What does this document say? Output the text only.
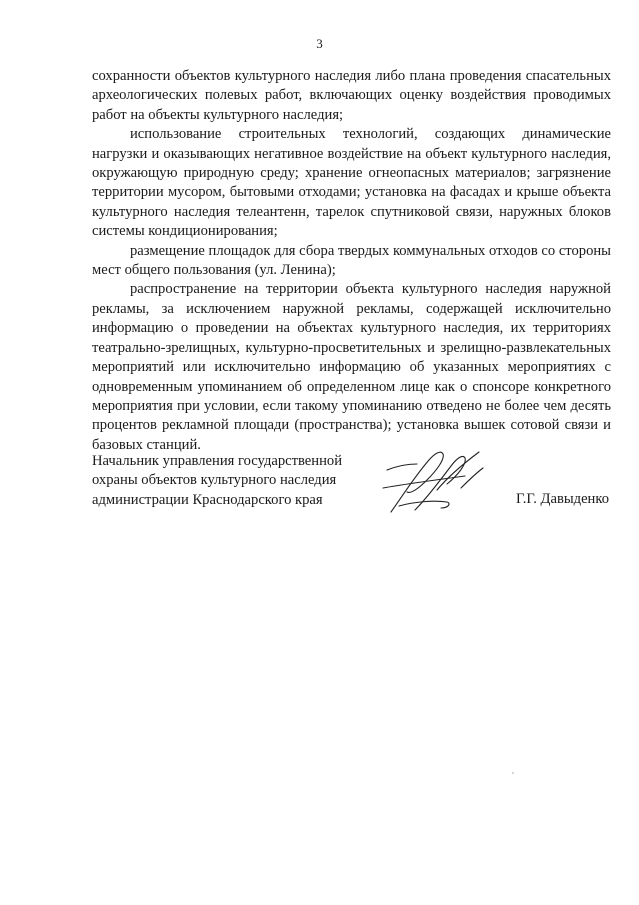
3

сохранности объектов культурного наследия либо плана проведения спасательных археологических полевых работ, включающих оценку воздействия проводимых работ на объекты культурного наследия;

использование строительных технологий, создающих динамические нагрузки и оказывающих негативное воздействие на объект культурного наследия, окружающую природную среду; хранение огнеопасных материалов; загрязнение территории мусором, бытовыми отходами; установка на фасадах и крыше объекта культурного наследия телеантенн, тарелок спутниковой связи, наружных блоков системы кондиционирования;

размещение площадок для сбора твердых коммунальных отходов со стороны мест общего пользования (ул. Ленина);

распространение на территории объекта культурного наследия наружной рекламы, за исключением наружной рекламы, содержащей исключительно информацию о проведении на объектах культурного наследия, их территориях театрально-зрелищных, культурно-просветительных и зрелищно-развлекательных мероприятий или исключительно информацию об указанных мероприятиях с одновременным упоминанием об определенном лице как о спонсоре конкретного мероприятия при условии, если такому упоминанию отведено не более чем десять процентов рекламной площади (пространства); установка вышек сотовой связи и базовых станций.

Начальник управления государственной
охраны объектов культурного наследия
администрации Краснодарского края	Г.Г. Давыденко
